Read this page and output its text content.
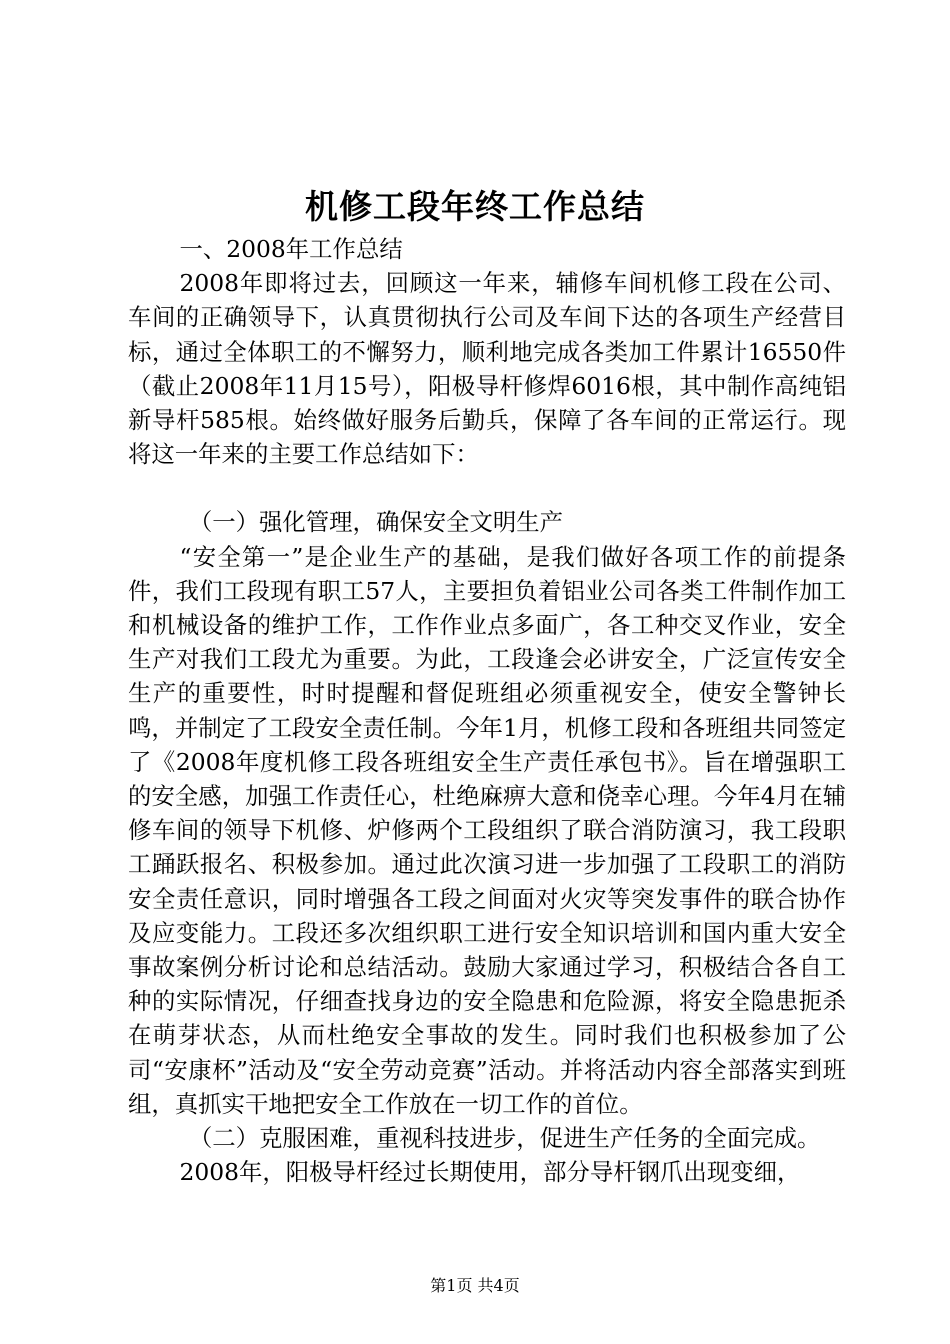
机修工段年终工作总结

一、2008年工作总结

2008年即将过去，回顾这一年来，辅修车间机修工段在公司、车间的正确领导下，认真贯彻执行公司及车间下达的各项生产经营目标，通过全体职工的不懈努力，顺利地完成各类加工件累计16550件（截止2008年11月15号），阳极导杆修焊6016根，其中制作高纯铝新导杆585根。始终做好服务后勤兵，保障了各车间的正常运行。现将这一年来的主要工作总结如下：

（一）强化管理，确保安全文明生产

“安全第一”是企业生产的基础，是我们做好各项工作的前提条件，我们工段现有职工57人，主要担负着铝业公司各类工件制作加工和机械设备的维护工作，工作作业点多面广，各工种交叉作业，安全生产对我们工段尤为重要。为此，工段逢会必讲安全，广泛宣传安全生产的重要性，时时提醒和督促班组必须重视安全，使安全警钟长鸣，并制定了工段安全责任制。今年1月，机修工段和各班组共同签定了《2008年度机修工段各班组安全生产责任承包书》。旨在增强职工的安全感，加强工作责任心，杜绝麻痹大意和侥幸心理。今年4月在辅修车间的领导下机修、炉修两个工段组织了联合消防演习，我工段职工踊跃报名、积极参加。通过此次演习进一步加强了工段职工的消防安全责任意识，同时增强各工段之间面对火灾等突发事件的联合协作及应变能力。工段还多次组织职工进行安全知识培训和国内重大安全事故案例分析讨论和总结活动。鼓励大家通过学习，积极结合各自工种的实际情况，仔细查找身边的安全隐患和危险源，将安全隐患扼杀在萌芽状态，从而杜绝安全事故的发生。同时我们也积极参加了公司“安康杯”活动及“安全劳动竞赛”活动。并将活动内容全部落实到班组，真抓实干地把安全工作放在一切工作的首位。

（二）克服困难，重视科技进步，促进生产任务的全面完成。

2008年，阳极导杆经过长期使用，部分导杆钢爪出现变细，

第1页 共4页
